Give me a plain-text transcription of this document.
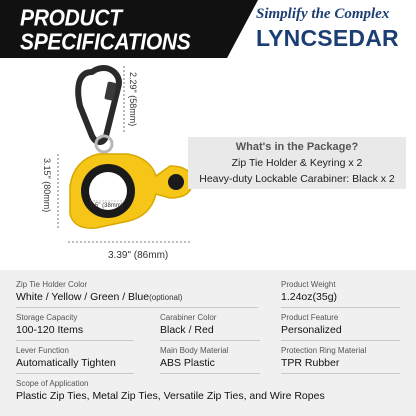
PRODUCT
SPECIFICATIONS
Simplify the Complex
LYNCSEDAR
2.29" (58mm)
3.15" (80mm)
3.39" (86mm)
1.5" (38mm)
What's in the Package?
Zip Tie Holder & Keyring x 2
Heavy-duty Lockable Carabiner: Black x 2
Zip Tie Holder Color
White / Yellow / Green / Blue(optional)
Product Weight
1.24oz(35g)
Storage Capacity
100-120 Items
Carabiner Color
Black / Red
Product Feature
Personalized
Lever Function
Automatically Tighten
Main Body Material
ABS Plastic
Protection Ring Material
TPR Rubber
Scope of Application
Plastic Zip Ties, Metal Zip Ties, Versatile Zip Ties, and Wire Ropes
